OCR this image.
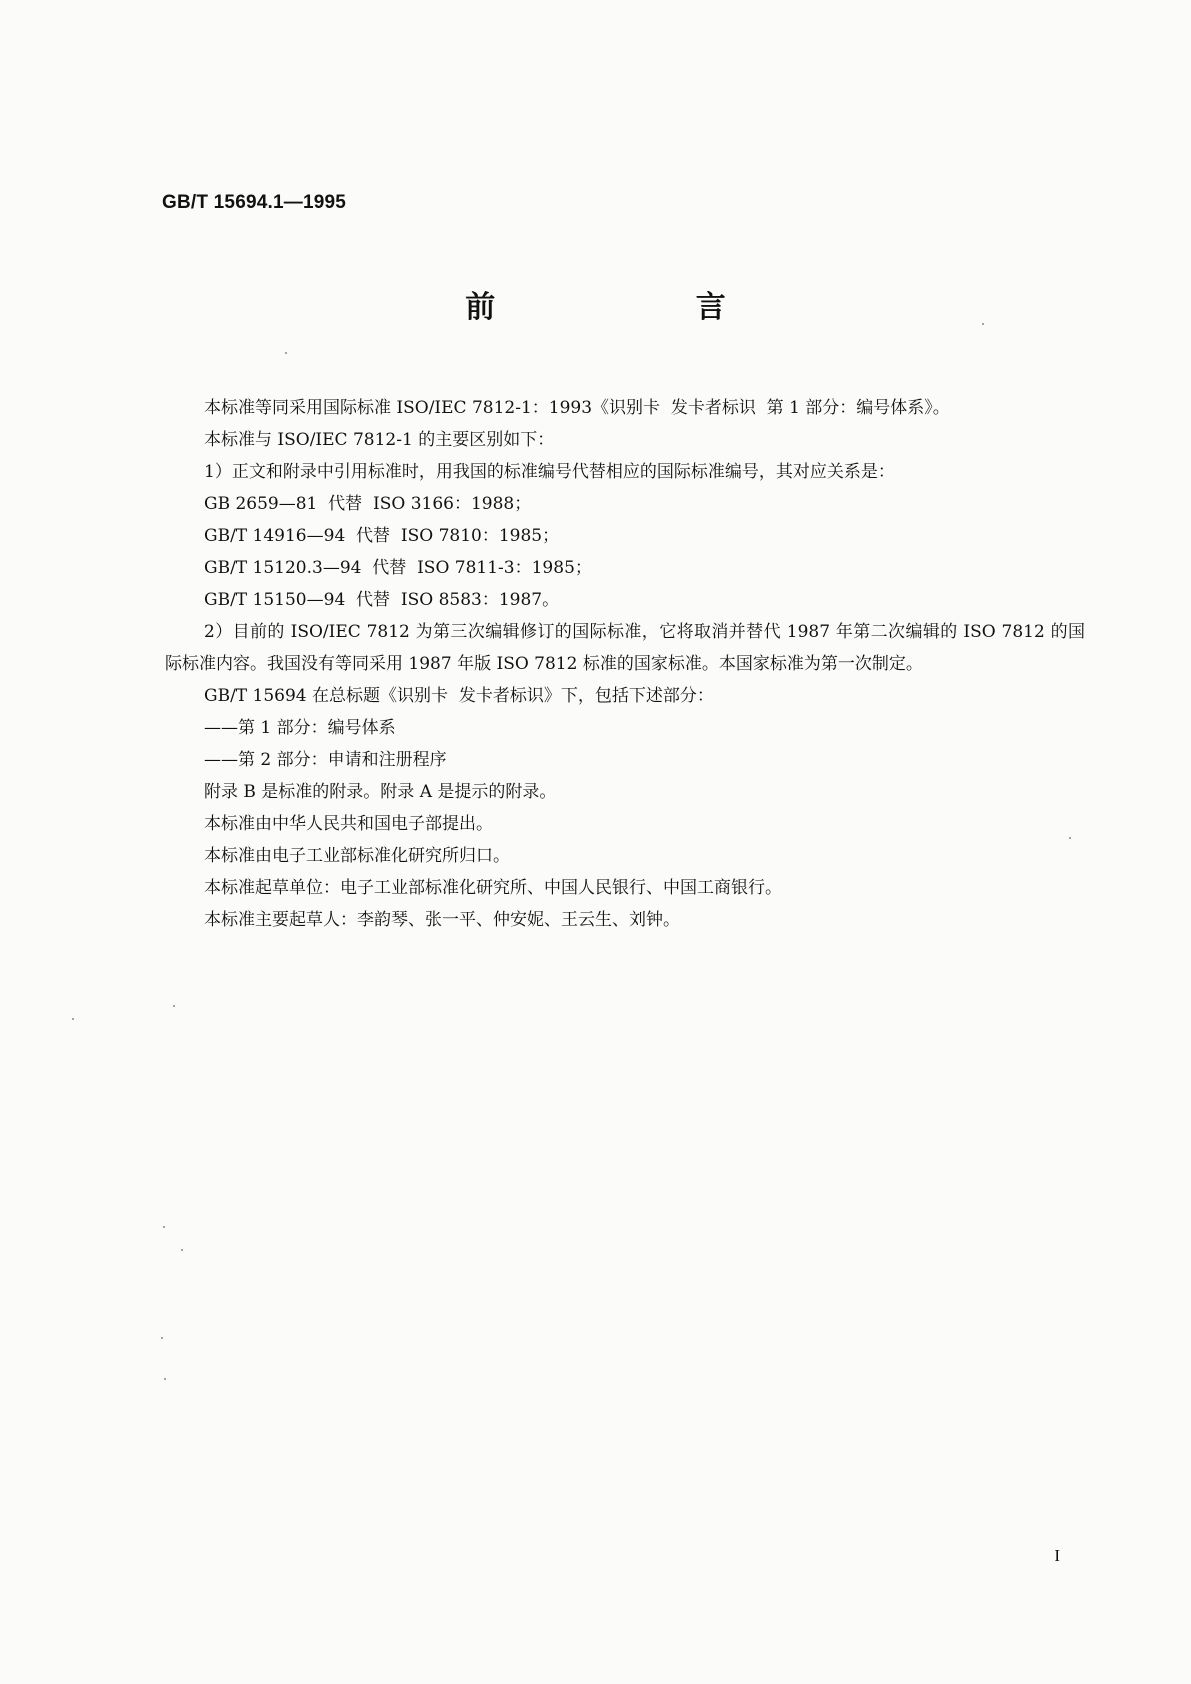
GB/T 15694.1—1995
前 言

本标准等同采用国际标准 ISO/IEC 7812-1：1993《识别卡  发卡者标识  第 1 部分：编号体系》。

本标准与 ISO/IEC 7812-1 的主要区别如下：

1）正文和附录中引用标准时，用我国的标准编号代替相应的国际标准编号，其对应关系是：

GB 2659—81  代替  ISO 3166：1988；

GB/T 14916—94  代替  ISO 7810：1985；

GB/T 15120.3—94  代替  ISO 7811-3：1985；

GB/T 15150—94  代替  ISO 8583：1987。

2）目前的 ISO/IEC 7812 为第三次编辑修订的国际标准，它将取消并替代 1987 年第二次编辑的 ISO 7812 的国际标准内容。我国没有等同采用 1987 年版 ISO 7812 标准的国家标准。本国家标准为第一次制定。

GB/T 15694 在总标题《识别卡  发卡者标识》下，包括下述部分：

——第 1 部分：编号体系

——第 2 部分：申请和注册程序

附录 B 是标准的附录。附录 A 是提示的附录。

本标准由中华人民共和国电子部提出。

本标准由电子工业部标准化研究所归口。

本标准起草单位：电子工业部标准化研究所、中国人民银行、中国工商银行。

本标准主要起草人：李韵琴、张一平、仲安妮、王云生、刘钟。

I
